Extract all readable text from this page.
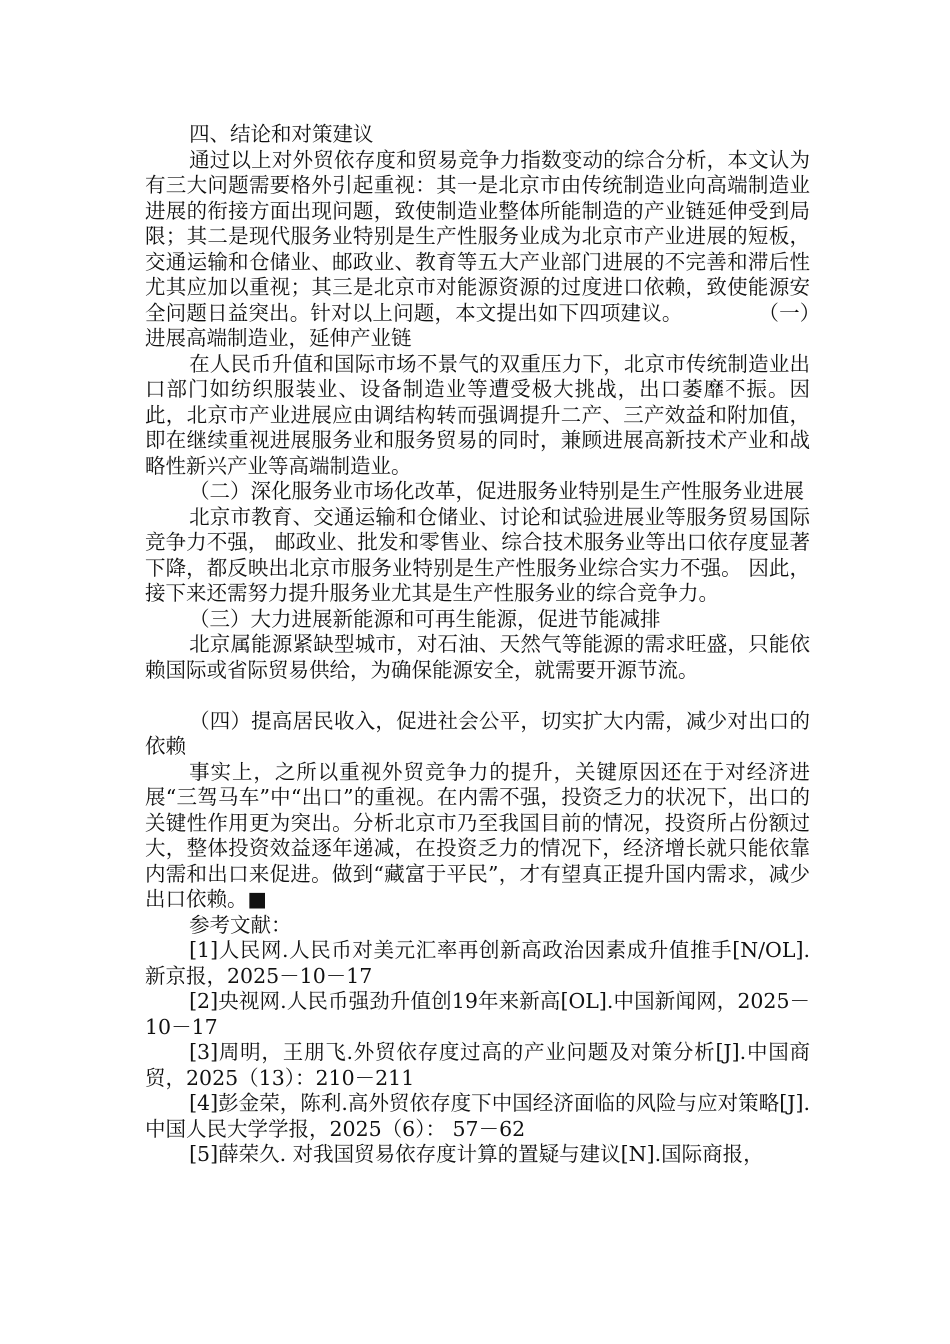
四、结论和对策建议

通过以上对外贸依存度和贸易竞争力指数变动的综合分析，本文认为有三大问题需要格外引起重视：其一是北京市由传统制造业向高端制造业进展的衔接方面出现问题，致使制造业整体所能制造的产业链延伸受到局限；其二是现代服务业特别是生产性服务业成为北京市产业进展的短板，交通运输和仓储业、邮政业、教育等五大产业部门进展的不完善和滞后性尤其应加以重视；其三是北京市对能源资源的过度进口依赖，致使能源安全问题日益突出。针对以上问题，本文提出如下四项建议。	（一）进展高端制造业，延伸产业链

在人民币升值和国际市场不景气的双重压力下，北京市传统制造业出口部门如纺织服装业、设备制造业等遭受极大挑战，出口萎靡不振。因此，北京市产业进展应由调结构转而强调提升二产、三产效益和附加值，即在继续重视进展服务业和服务贸易的同时，兼顾进展高新技术产业和战略性新兴产业等高端制造业。

（二）深化服务业市场化改革，促进服务业特别是生产性服务业进展

北京市教育、交通运输和仓储业、讨论和试验进展业等服务贸易国际竞争力不强， 邮政业、批发和零售业、综合技术服务业等出口依存度显著下降，都反映出北京市服务业特别是生产性服务业综合实力不强。 因此， 接下来还需努力提升服务业尤其是生产性服务业的综合竞争力。

（三）大力进展新能源和可再生能源，促进节能减排

北京属能源紧缺型城市，对石油、天然气等能源的需求旺盛，只能依赖国际或省际贸易供给，为确保能源安全，就需要开源节流。

（四）提高居民收入，促进社会公平，切实扩大内需，减少对出口的依赖

事实上，之所以重视外贸竞争力的提升，关键原因还在于对经济进展“三驾马车”中“出口”的重视。在内需不强，投资乏力的状况下，出口的关键性作用更为突出。分析北京市乃至我国目前的情况，投资所占份额过大，整体投资效益逐年递减，在投资乏力的情况下，经济增长就只能依靠内需和出口来促进。做到“藏富于平民”，才有望真正提升国内需求，减少出口依赖。■

参考文献：

[1]人民网.人民币对美元汇率再创新高政治因素成升值推手[N/OL].新京报，2025－10－17

[2]央视网.人民币强劲升值创19年来新高[OL].中国新闻网，2025－10－17

[3]周明，王朋飞.外贸依存度过高的产业问题及对策分析[J].中国商贸，2025（13）：210－211

[4]彭金荣，陈利.高外贸依存度下中国经济面临的风险与应对策略[J]. 中国人民大学学报，2025（6）： 57－62

[5]薛荣久. 对我国贸易依存度计算的置疑与建议[N].国际商报，
